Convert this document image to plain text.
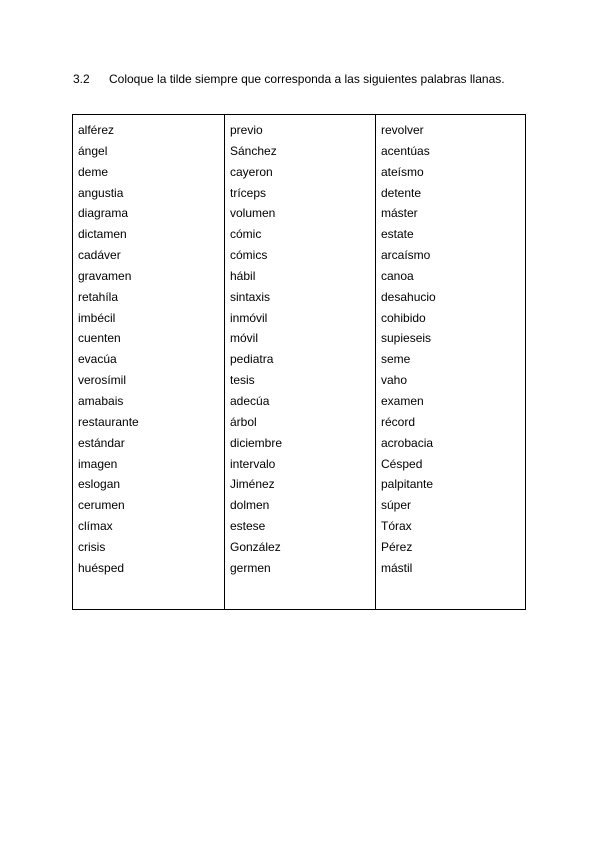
3.2 Coloque la tilde siempre que corresponda a las siguientes palabras llanas.
alférez
ángel
deme
angustia
diagrama
dictamen
cadáver
gravamen
retahíla
imbécil
cuenten
evacúa
verosímil
amabais
restaurante
estándar
imagen
eslogan
cerumen
clímax
crisis
huésped
previo
Sánchez
cayeron
tríceps
volumen
cómic
cómics
hábil
sintaxis
inmóvil
móvil
pediatra
tesis
adecúa
árbol
diciembre
intervalo
Jiménez
dolmen
estese
González
germen
revolver
acentúas
ateísmo
detente
máster
estate
arcaísmo
canoa
desahucio
cohibido
supieseis
seme
vaho
examen
récord
acrobacia
Césped
palpitante
súper
Tórax
Pérez
mástil
